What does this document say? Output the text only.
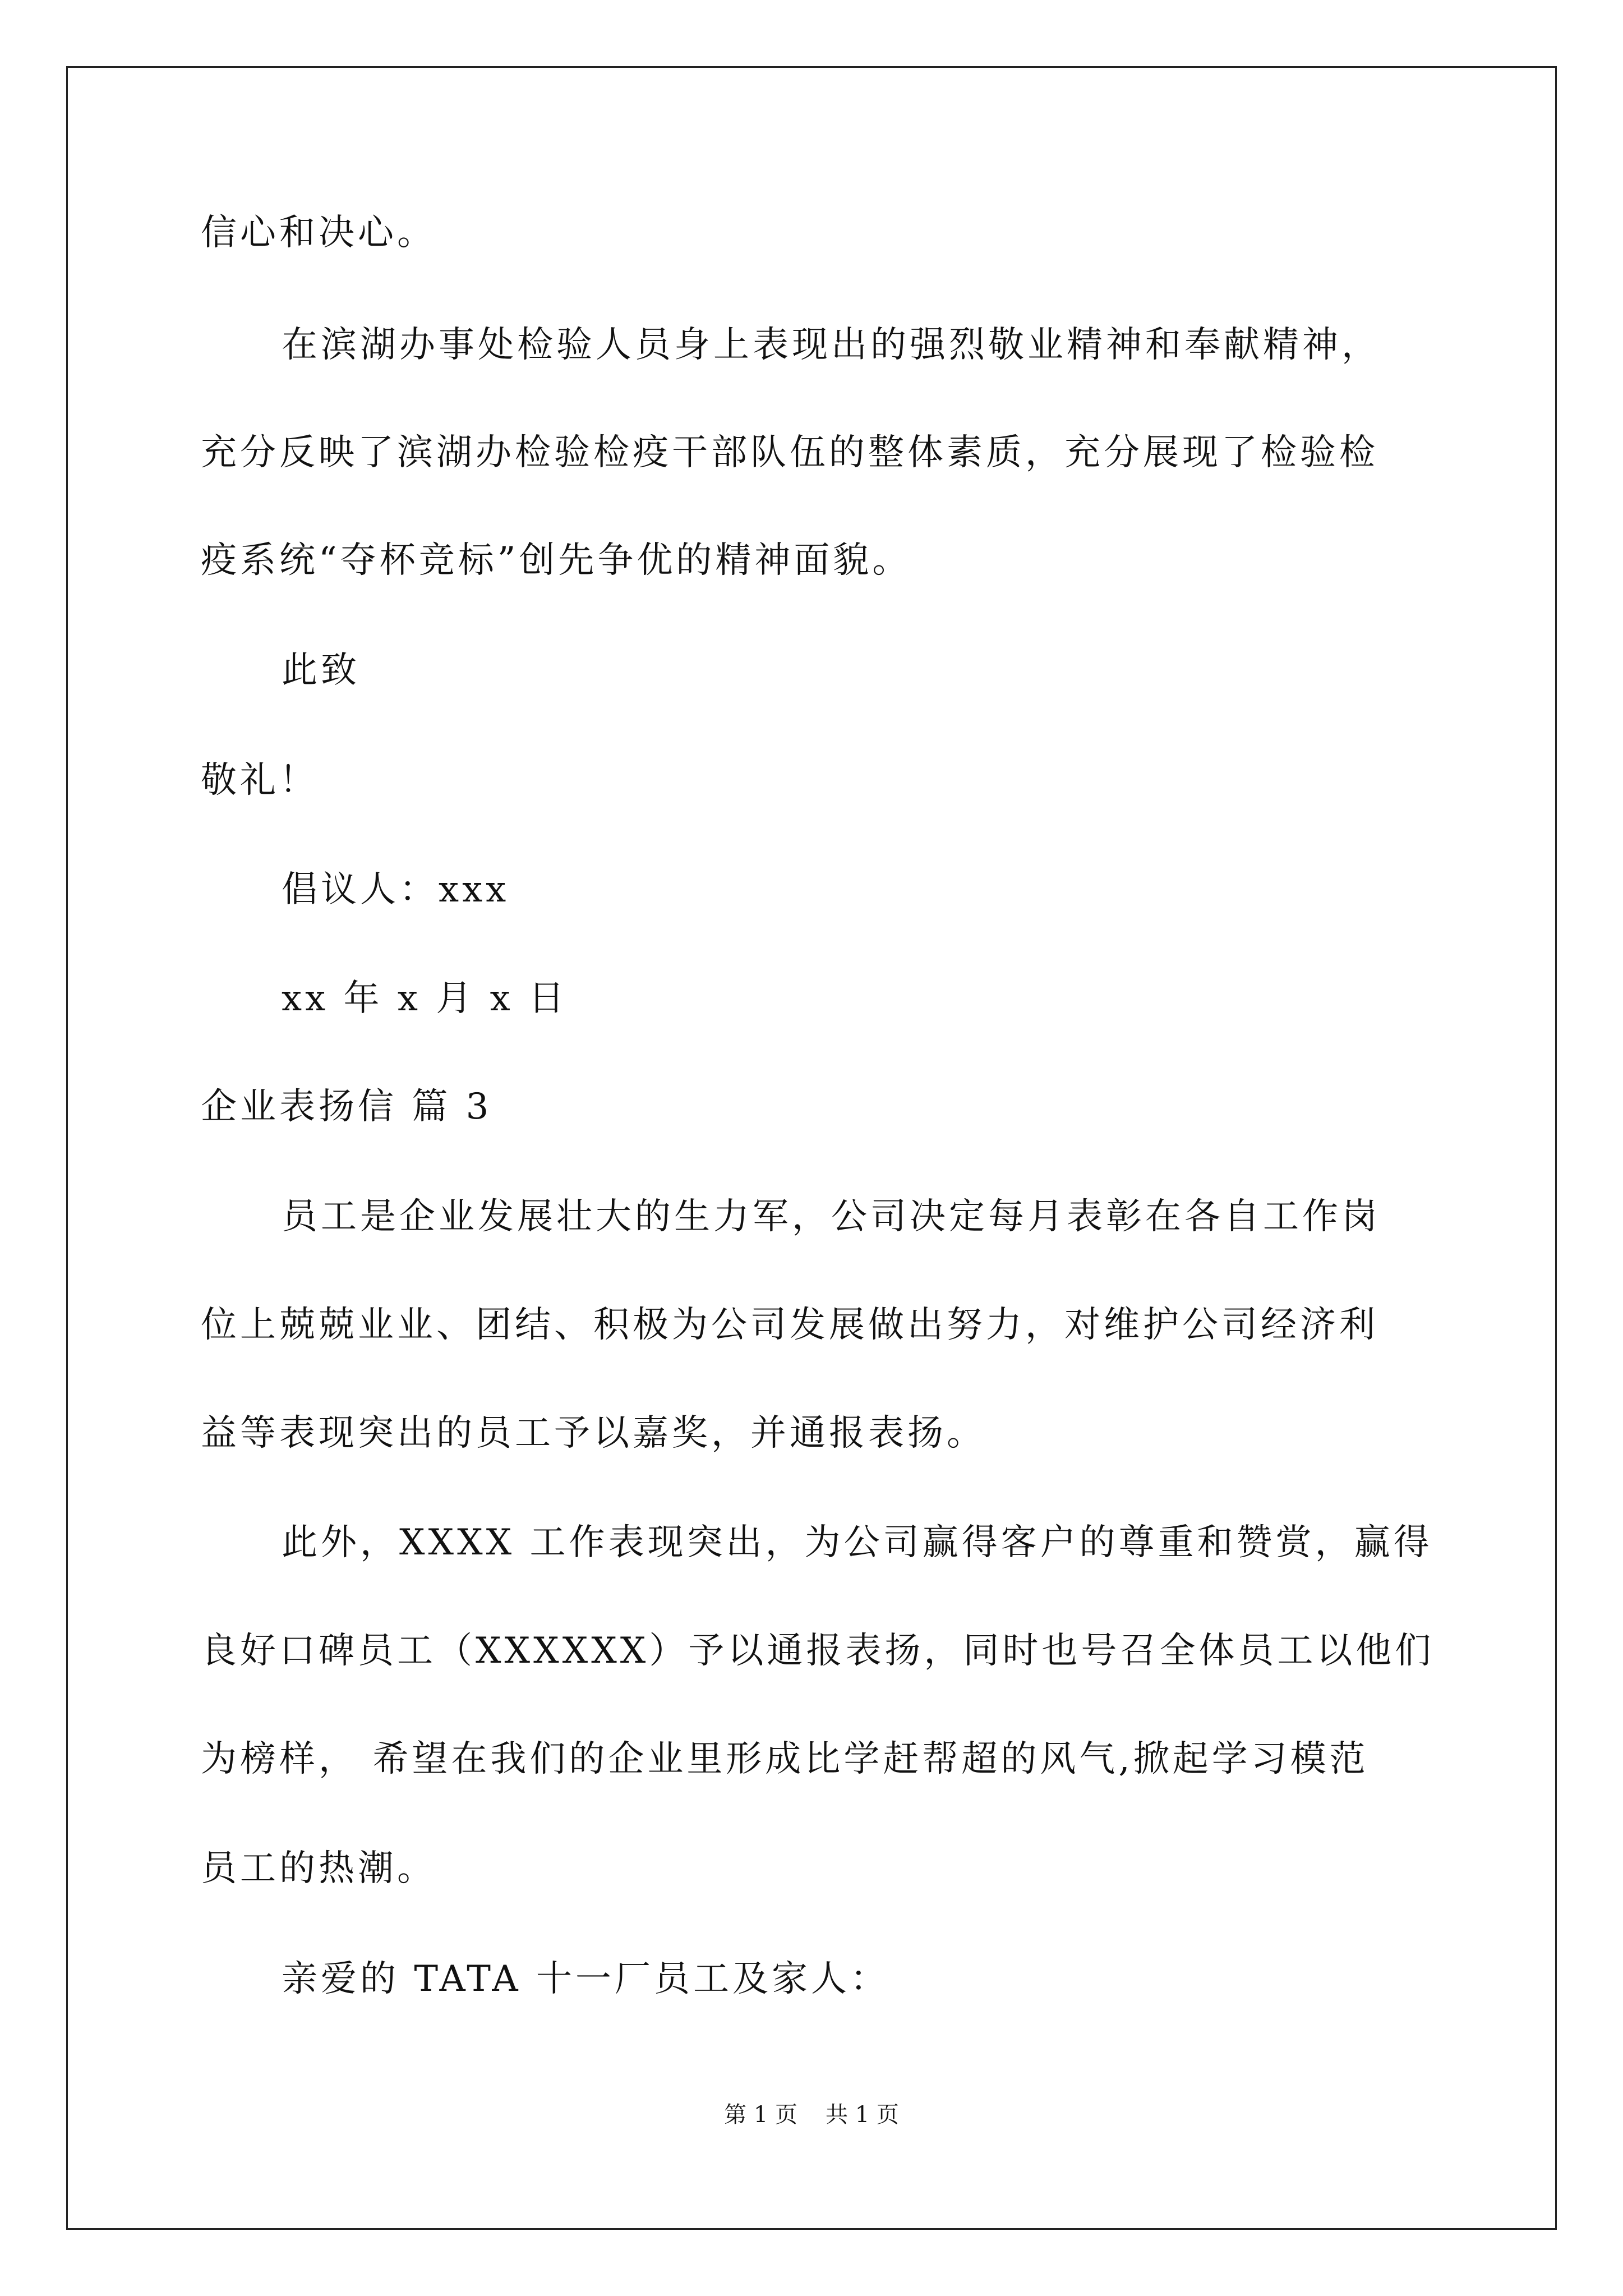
信心和决心。
在滨湖办事处检验人员身上表现出的强烈敬业精神和奉献精神，
充分反映了滨湖办检验检疫干部队伍的整体素质，充分展现了检验检
疫系统“夺杯竞标”创先争优的精神面貌。
此致
敬礼！
倡议人：xxx
xx 年 x 月 x 日
企业表扬信 篇 3
员工是企业发展壮大的生力军，公司决定每月表彰在各自工作岗
位上兢兢业业、团结、积极为公司发展做出努力，对维护公司经济利
益等表现突出的员工予以嘉奖，并通报表扬。
此外，XXXX 工作表现突出，为公司赢得客户的尊重和赞赏，赢得
良好口碑员工（XXXXXX）予以通报表扬，同时也号召全体员工以他们
为榜样， 希望在我们的企业里形成比学赶帮超的风气,掀起学习模范
员工的热潮。
亲爱的 TATA 十一厂员工及家人：
第 1 页 共 1 页
